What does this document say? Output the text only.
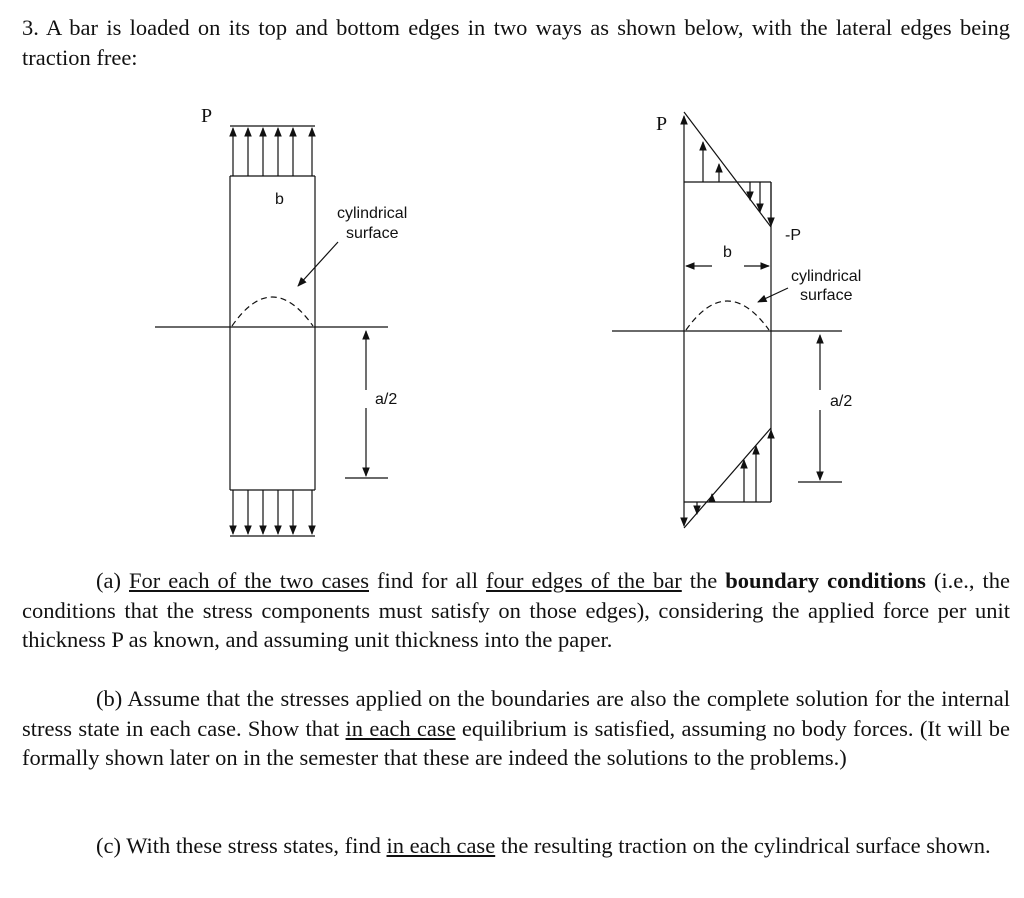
3. A bar is loaded on its top and bottom edges in two ways as shown below, with the lateral edges being traction free:
P
b
cylindrical
surface
a/2
P
-P
b
cylindrical
surface
a/2
(a) For each of the two cases find for all four edges of the bar the boundary conditions (i.e., the conditions that the stress components must satisfy on those edges), considering the applied force per unit thickness P as known, and assuming unit thickness into the paper.
(b) Assume that the stresses applied on the boundaries are also the complete solution for the internal stress state in each case. Show that in each case equilibrium is satisfied, assuming no body forces. (It will be formally shown later on in the semester that these are indeed the solutions to the problems.)
(c) With these stress states, find in each case the resulting traction on the cylindrical surface shown.
